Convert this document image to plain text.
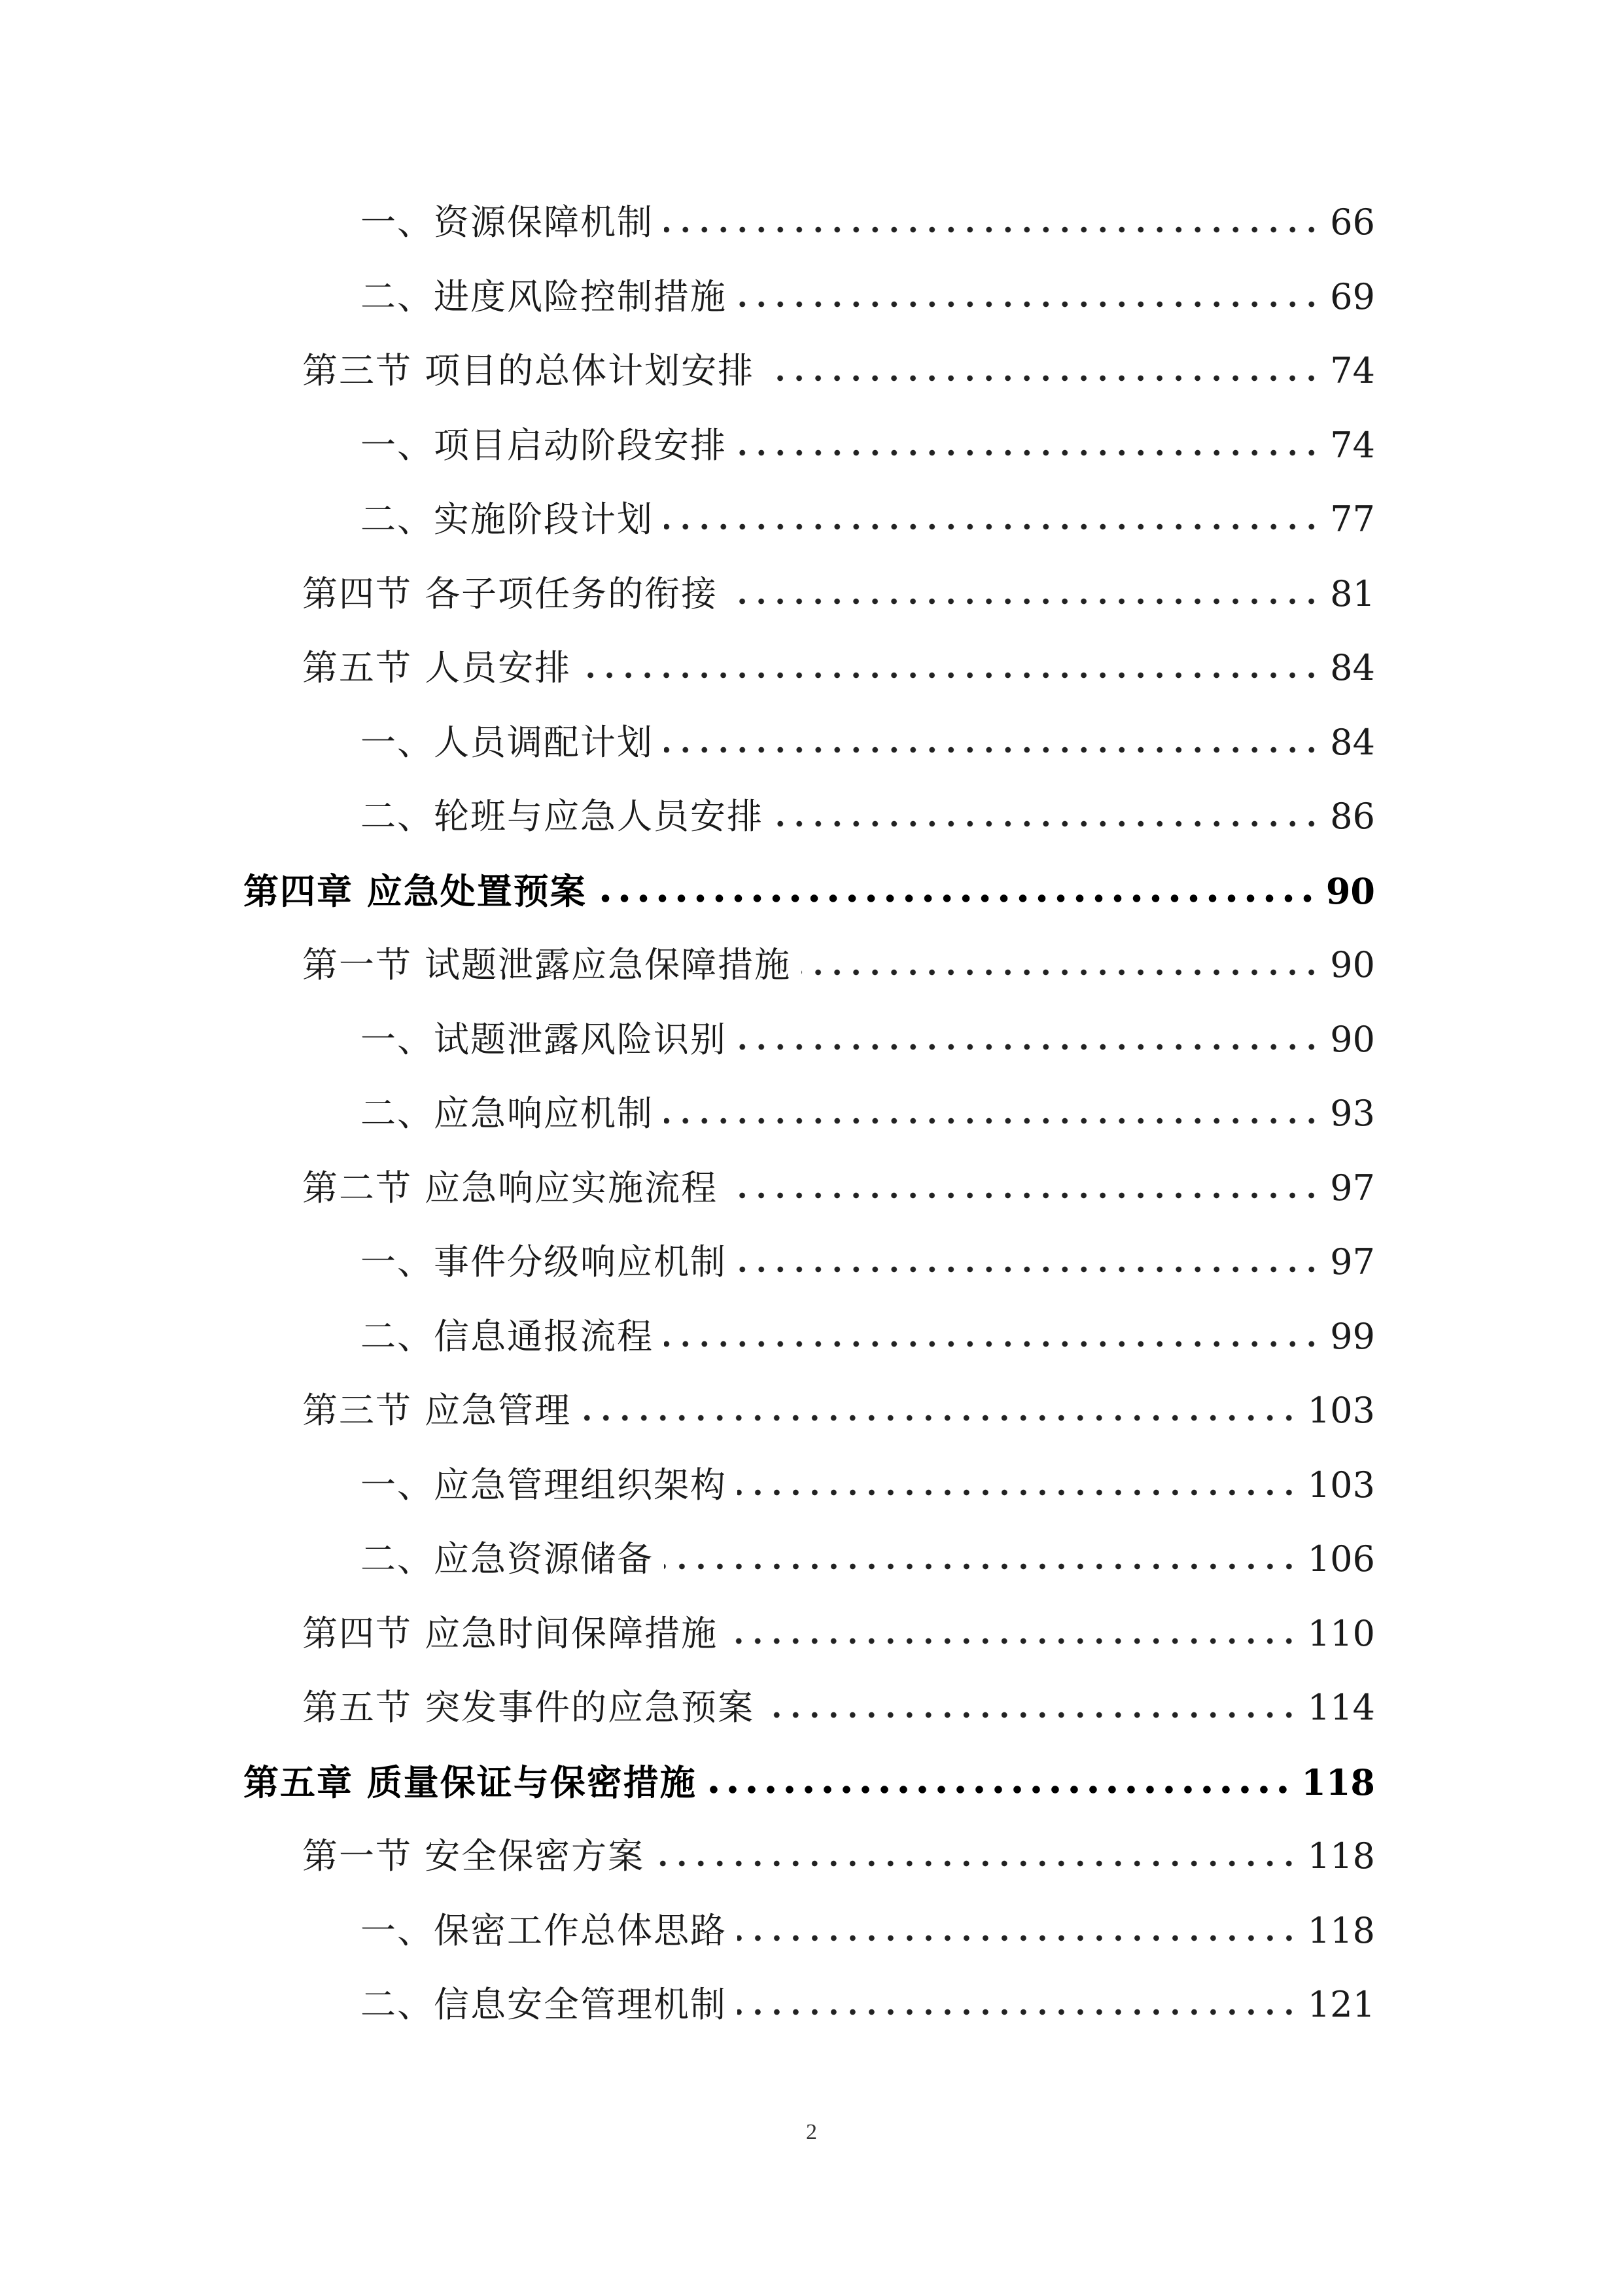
一、资源保障机制	66
二、进度风险控制措施	69
第三节 项目的总体计划安排	74
一、项目启动阶段安排	74
二、实施阶段计划	77
第四节 各子项任务的衔接	81
第五节 人员安排	84
一、人员调配计划	84
二、轮班与应急人员安排	86
第四章 应急处置预案	90
第一节 试题泄露应急保障措施	90
一、试题泄露风险识别	90
二、应急响应机制	93
第二节 应急响应实施流程	97
一、事件分级响应机制	97
二、信息通报流程	99
第三节 应急管理	103
一、应急管理组织架构	103
二、应急资源储备	106
第四节 应急时间保障措施	110
第五节 突发事件的应急预案	114
第五章 质量保证与保密措施	118
第一节 安全保密方案	118
一、保密工作总体思路	118
二、信息安全管理机制	121
2
